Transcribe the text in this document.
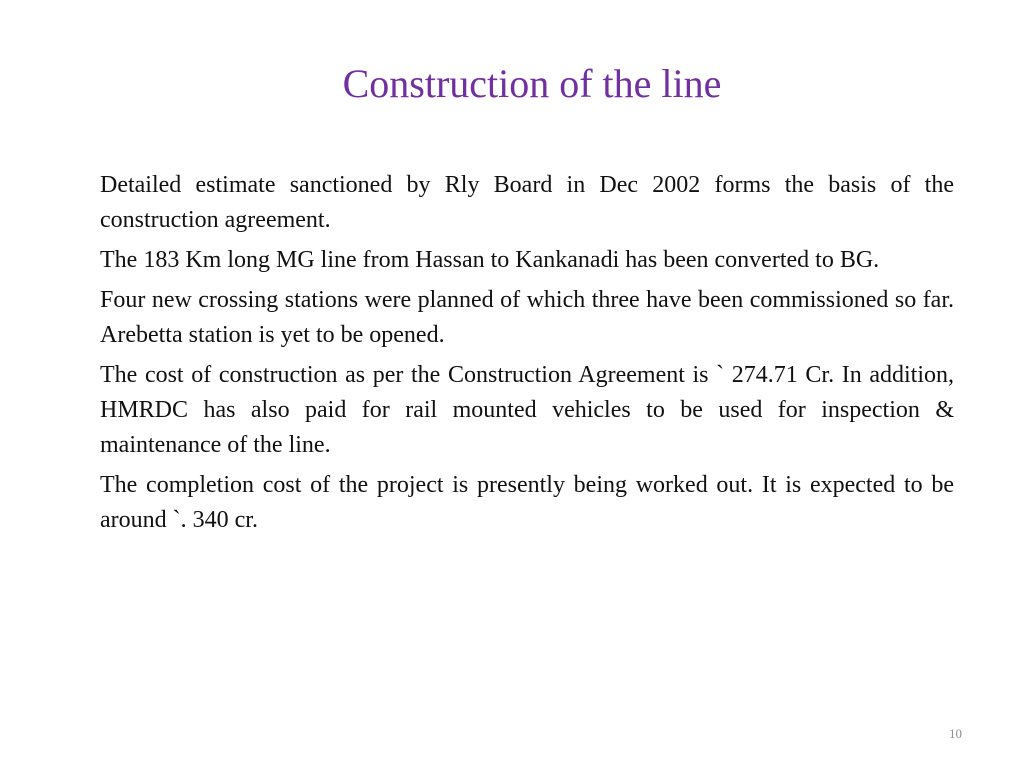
Construction of the line

Detailed estimate sanctioned by Rly Board in Dec 2002 forms the basis of the construction agreement.

The 183 Km long MG line from Hassan to Kankanadi has been converted to BG.

Four new crossing stations were planned of which three have been commissioned so far. Arebetta station is yet to be opened.

The cost of construction as per the Construction Agreement is ` 274.71 Cr. In addition, HMRDC has also paid for rail mounted vehicles to be used for inspection & maintenance of the line.

The completion cost of the project is presently being worked out. It is expected to be around `. 340 cr.

10
